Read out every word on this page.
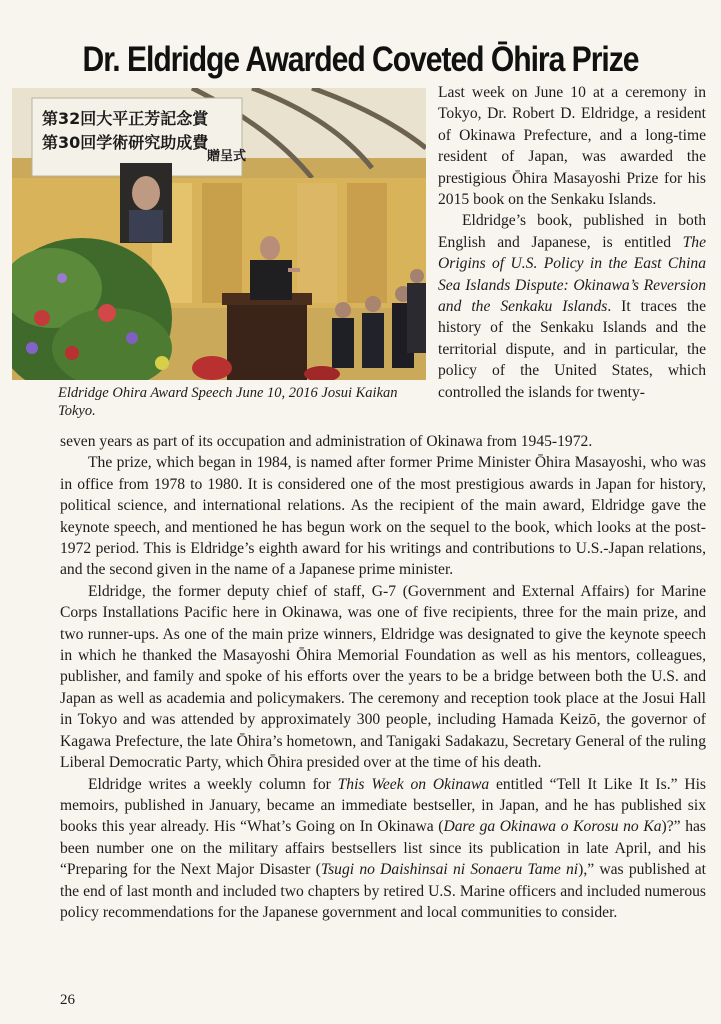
Dr. Eldridge Awarded Coveted Ōhira Prize
第32回大平正芳記念賞
第30回学術研究助成費
贈呈式
Eldridge Ohira Award Speech June 10, 2016 Josui Kaikan Tokyo.

Last week on June 10 at a ceremony in Tokyo, Dr. Robert D. Eldridge, a resident of Okinawa Prefecture, and a long-time resident of Japan, was awarded the prestigious Ōhira Masayoshi Prize for his 2015 book on the Senkaku Islands.

Eldridge’s book, published in both English and Japanese, is entitled The Origins of U.S. Policy in the East China Sea Islands Dispute: Okinawa’s Reversion and the Senkaku Islands. It traces the history of the Senkaku Islands and the territorial dispute, and in particular, the policy of the United States, which controlled the islands for twenty-

seven years as part of its occupation and administration of Okinawa from 1945-1972.

The prize, which began in 1984, is named after former Prime Minister Ōhira Masayoshi, who was in office from 1978 to 1980. It is considered one of the most prestigious awards in Japan for history, political science, and international relations. As the recipient of the main award, Eldridge gave the keynote speech, and mentioned he has begun work on the sequel to the book, which looks at the post-1972 period. This is Eldridge’s eighth award for his writings and contributions to U.S.-Japan relations, and the second given in the name of a Japanese prime minister.

Eldridge, the former deputy chief of staff, G-7 (Government and External Affairs) for Marine Corps Installations Pacific here in Okinawa, was one of five recipients, three for the main prize, and two runner-ups. As one of the main prize winners, Eldridge was designated to give the keynote speech in which he thanked the Masayoshi Ōhira Memorial Foundation as well as his mentors, colleagues, publisher, and family and spoke of his efforts over the years to be a bridge between both the U.S. and Japan as well as academia and policymakers. The ceremony and reception took place at the Josui Hall in Tokyo and was attended by approximately 300 people, including Hamada Keizō, the governor of Kagawa Prefecture, the late Ōhira’s hometown, and Tanigaki Sadakazu, Secretary General of the ruling Liberal Democratic Party, which Ōhira presided over at the time of his death.

Eldridge writes a weekly column for This Week on Okinawa entitled “Tell It Like It Is.” His memoirs, published in January, became an immediate bestseller, in Japan, and he has published six books this year already. His “What’s Going on In Okinawa (Dare ga Okinawa o Korosu no Ka)?” has been number one on the military affairs bestsellers list since its publication in late April, and his “Preparing for the Next Major Disaster (Tsugi no Daishinsai ni Sonaeru Tame ni),” was published at the end of last month and included two chapters by retired U.S. Marine officers and included numerous policy recommendations for the Japanese government and local communities to consider.

26
